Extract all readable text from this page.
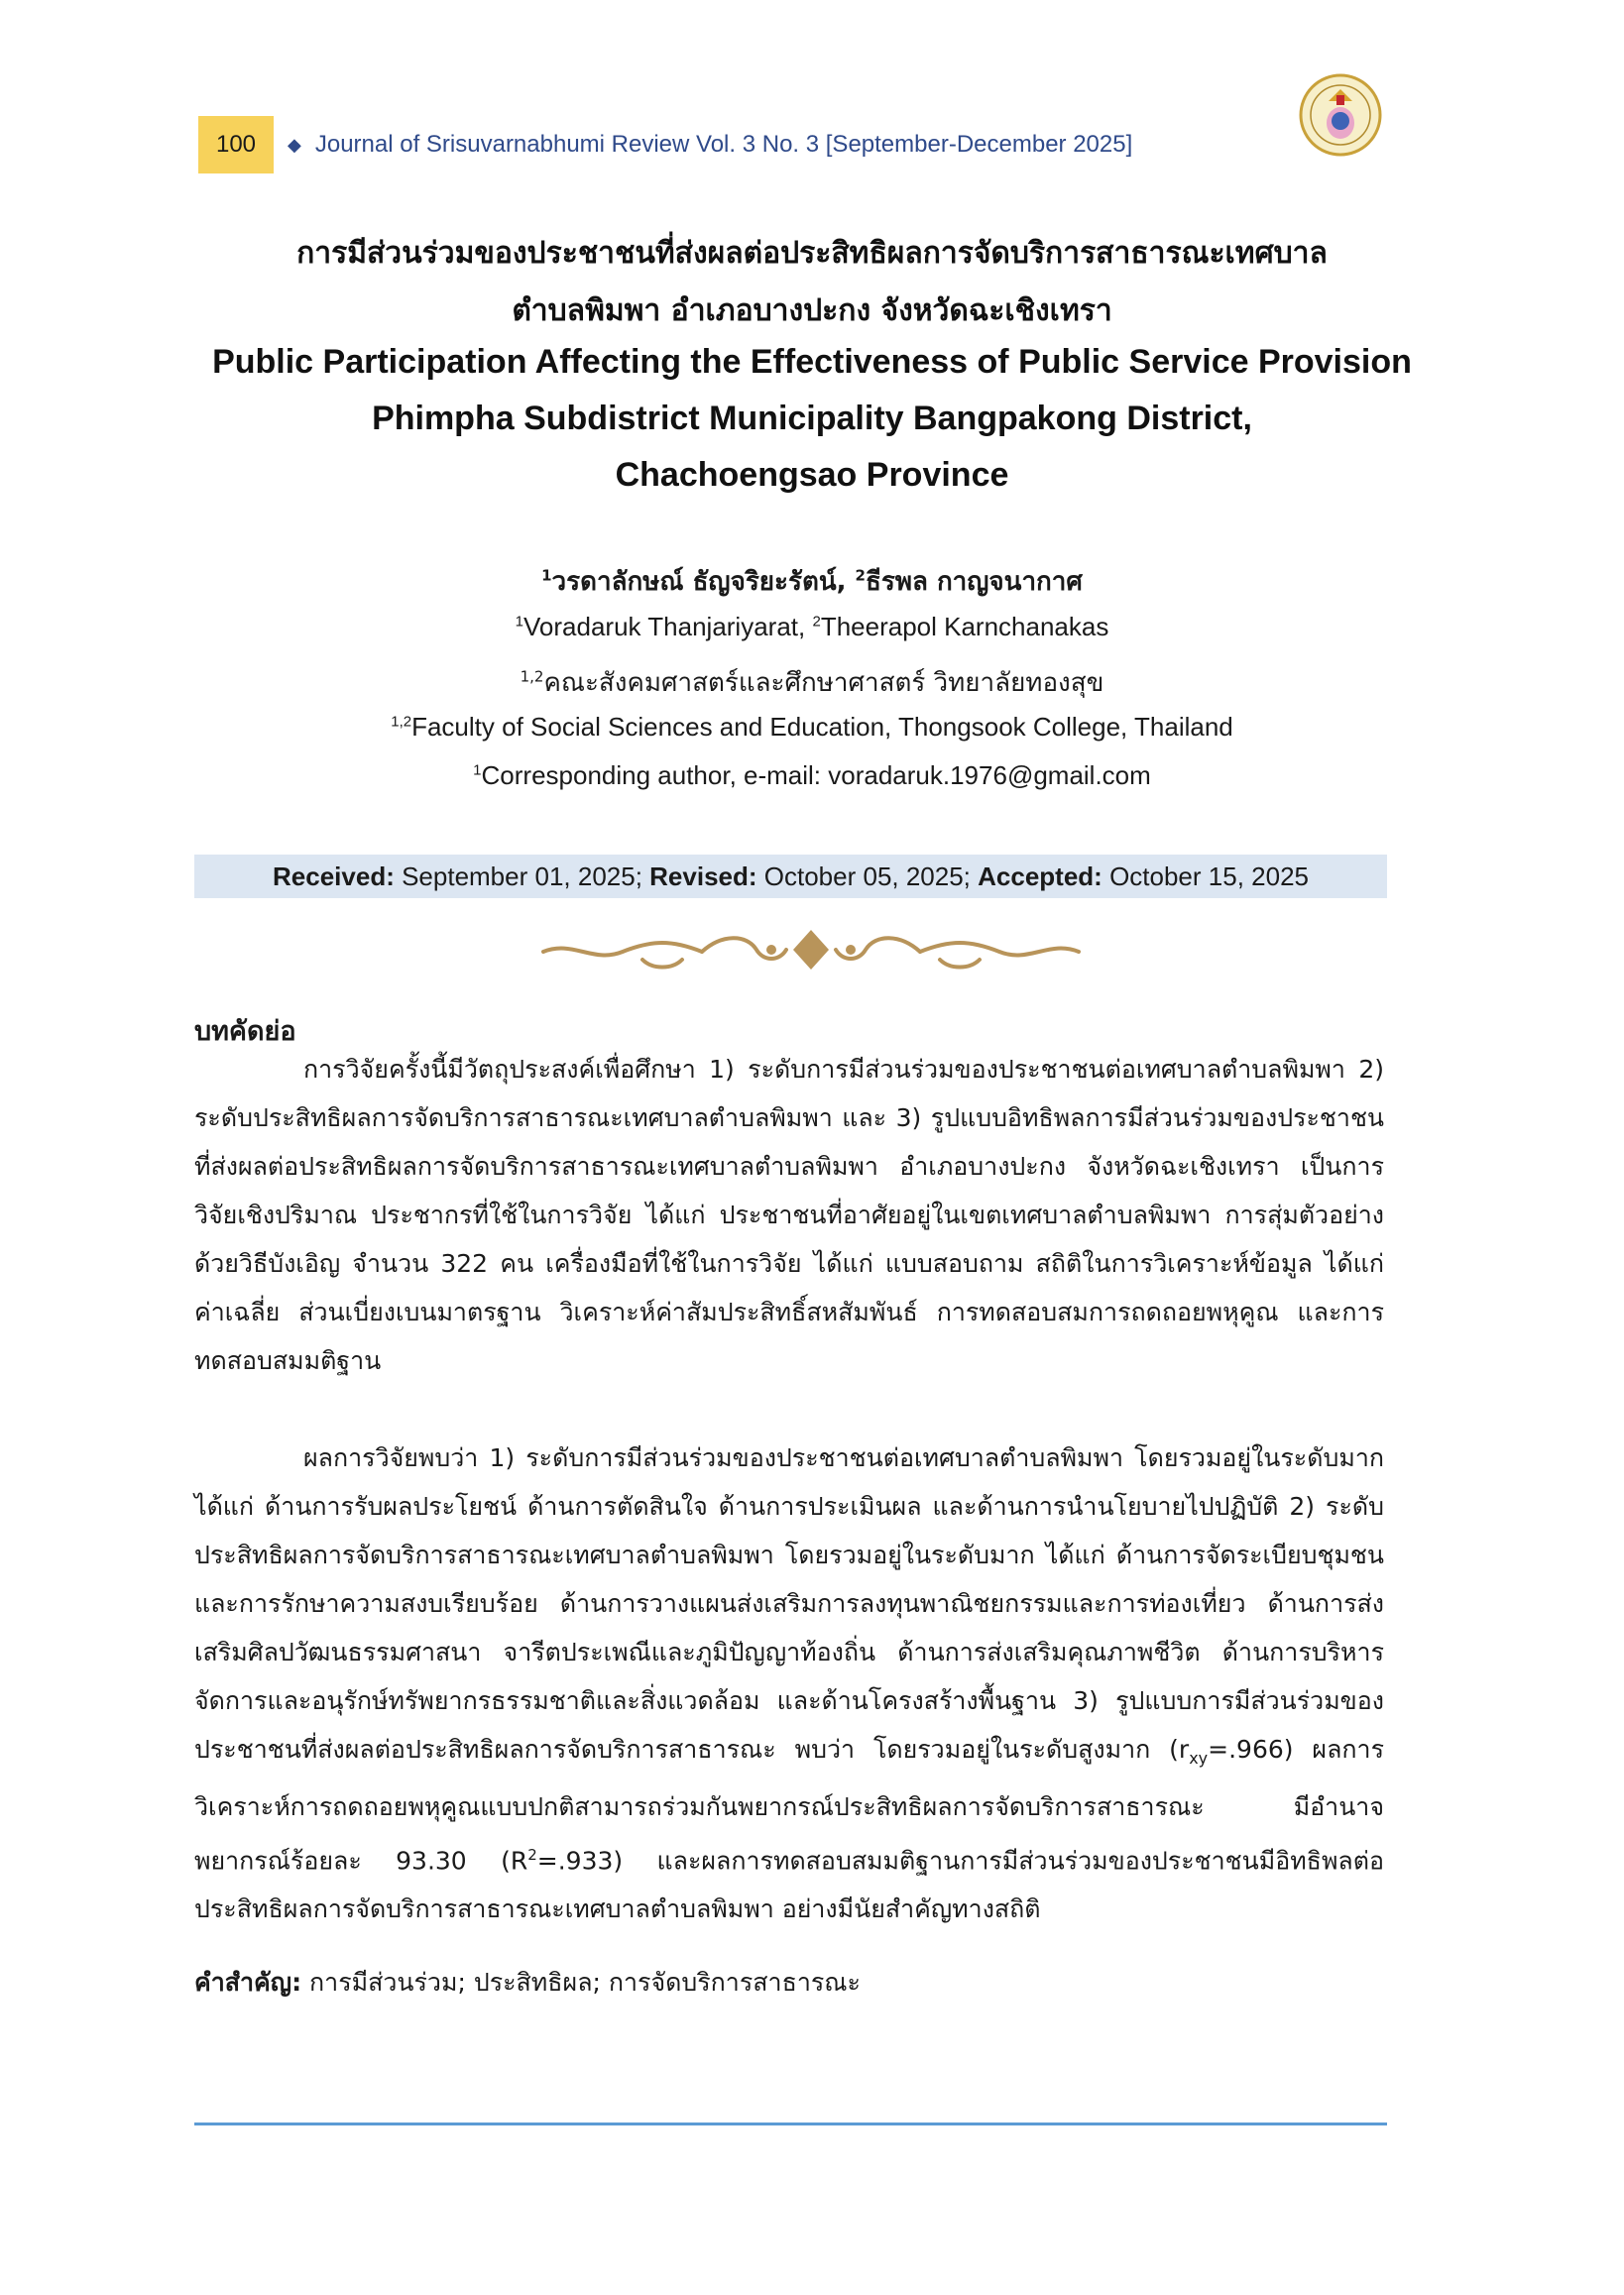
100	◆ Journal of Srisuvarnabhumi Review Vol. 3 No. 3 [September-December 2025]
การมีส่วนร่วมของประชาชนที่ส่งผลต่อประสิทธิผลการจัดบริการสาธารณะเทศบาล
ตำบลพิมพา อำเภอบางปะกง จังหวัดฉะเชิงเทรา
Public Participation Affecting the Effectiveness of Public Service Provision
Phimpha Subdistrict Municipality Bangpakong District,
Chachoengsao Province
$^1$วรดาลักษณ์ ธัญจริยะรัตน์, $^2$ธีรพล กาญจนากาศ
$^1$Voradaruk Thanjariyarat, $^2$Theerapol Karnchanakas
$^{1,2}$คณะสังคมศาสตร์และศึกษาศาสตร์ วิทยาลัยทองสุข
$^{1,2}$Faculty of Social Sciences and Education, Thongsook College, Thailand
$^1$Corresponding author, e-mail: voradaruk.1976@gmail.com
Received: September 01, 2025; Revised: October 05, 2025; Accepted: October 15, 2025
บทคัดย่อ
การวิจัยครั้งนี้มีวัตถุประสงค์เพื่อศึกษา 1) ระดับการมีส่วนร่วมของประชาชนต่อเทศบาลตำบลพิมพา 2) ระดับประสิทธิผลการจัดบริการสาธารณะเทศบาลตำบลพิมพา และ 3) รูปแบบอิทธิพลการมีส่วนร่วมของประชาชนที่ส่งผลต่อประสิทธิผลการจัดบริการสาธารณะเทศบาลตำบลพิมพา อำเภอบางปะกง จังหวัดฉะเชิงเทรา เป็นการวิจัยเชิงปริมาณ ประชากรที่ใช้ในการวิจัย ได้แก่ ประชาชนที่อาศัยอยู่ในเขตเทศบาลตำบลพิมพา การสุ่มตัวอย่าง ด้วยวิธีบังเอิญ จำนวน 322 คน เครื่องมือที่ใช้ในการวิจัย ได้แก่ แบบสอบถาม สถิติในการวิเคราะห์ข้อมูล ได้แก่ ค่าเฉลี่ย ส่วนเบี่ยงเบนมาตรฐาน วิเคราะห์ค่าสัมประสิทธิ์สหสัมพันธ์ การทดสอบสมการถดถอยพหุคูณ และการทดสอบสมมติฐาน
ผลการวิจัยพบว่า 1) ระดับการมีส่วนร่วมของประชาชนต่อเทศบาลตำบลพิมพา โดยรวมอยู่ในระดับมาก ได้แก่ ด้านการรับผลประโยชน์ ด้านการตัดสินใจ ด้านการประเมินผล และด้านการนำนโยบายไปปฏิบัติ 2) ระดับประสิทธิผลการจัดบริการสาธารณะเทศบาลตำบลพิมพา โดยรวมอยู่ในระดับมาก ได้แก่ ด้านการจัดระเบียบชุมชนและการรักษาความสงบเรียบร้อย ด้านการวางแผนส่งเสริมการลงทุนพาณิชยกรรมและการท่องเที่ยว ด้านการส่งเสริมศิลปวัฒนธรรมศาสนา จารีตประเพณีและภูมิปัญญาท้องถิ่น ด้านการส่งเสริมคุณภาพชีวิต ด้านการบริหารจัดการและอนุรักษ์ทรัพยากรธรรมชาติและสิ่งแวดล้อม และด้านโครงสร้างพื้นฐาน 3) รูปแบบการมีส่วนร่วมของประชาชนที่ส่งผลต่อประสิทธิผลการจัดบริการสาธารณะ พบว่า โดยรวมอยู่ในระดับสูงมาก $(r_{xy}=.966)$ ผลการวิเคราะห์การถดถอยพหุคูณแบบปกติสามารถร่วมกันพยากรณ์ประสิทธิผลการจัดบริการสาธารณะ มีอำนาจพยากรณ์ร้อยละ 93.30 $(R^2=.933)$ และผลการทดสอบสมมติฐานการมีส่วนร่วมของประชาชนมีอิทธิพลต่อประสิทธิผลการจัดบริการสาธารณะเทศบาลตำบลพิมพา อย่างมีนัยสำคัญทางสถิติ
คำสำคัญ: การมีส่วนร่วม; ประสิทธิผล; การจัดบริการสาธารณะ
